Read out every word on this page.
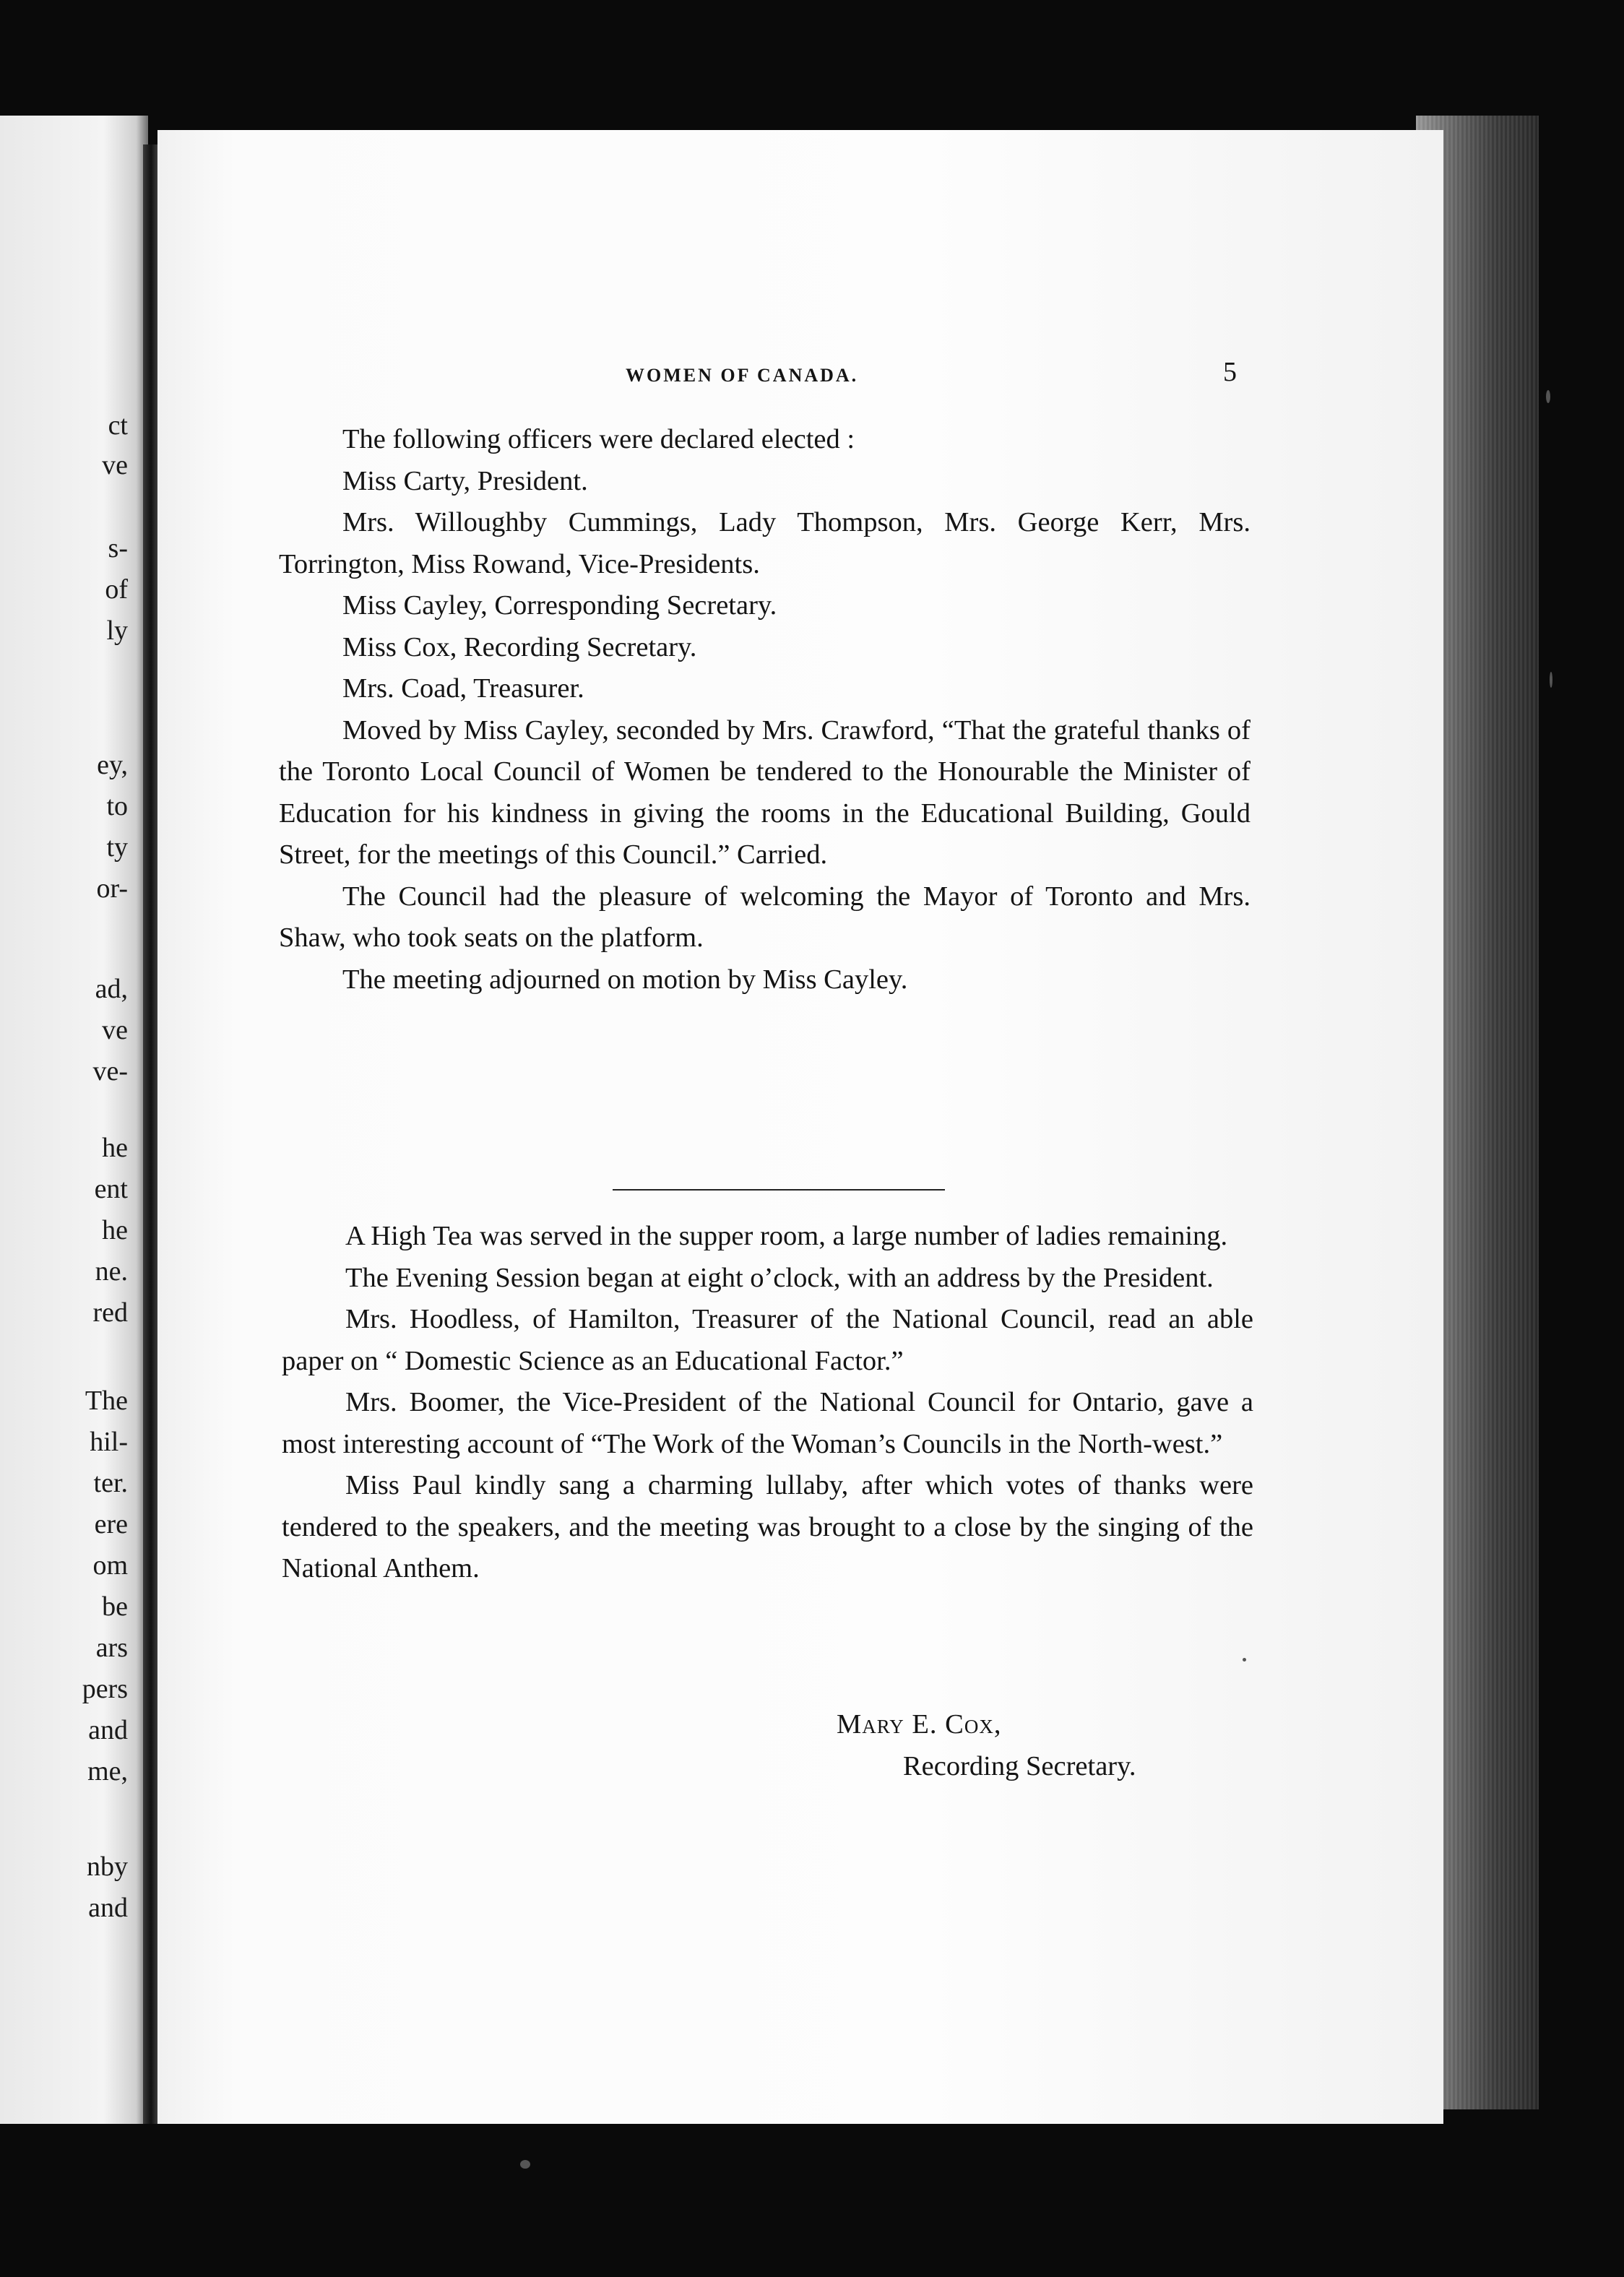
ct
ve
s-
of
ly
ey,
to
ty
or-
ad,
ve
ve-
he
ent
he
ne.
red
The
hil-
ter.
ere
om
be
ars
pers
and
me,
nby
and
WOMEN OF CANADA.	5

The following officers were declared elected :

Miss Carty, President.

Mrs. Willoughby Cummings, Lady Thompson, Mrs. George Kerr, Mrs. Torrington, Miss Rowand, Vice-Presidents.

Miss Cayley, Corresponding Secretary.

Miss Cox, Recording Secretary.

Mrs. Coad, Treasurer.

Moved by Miss Cayley, seconded by Mrs. Crawford, “That the grateful thanks of the Toronto Local Council of Women be tendered to the Honourable the Minister of Education for his kindness in giving the rooms in the Educational Building, Gould Street, for the meetings of this Council.” Carried.

The Council had the pleasure of welcoming the Mayor of Toronto and Mrs. Shaw, who took seats on the platform.

The meeting adjourned on motion by Miss Cayley.

A High Tea was served in the supper room, a large number of ladies remaining.

The Evening Session began at eight o’clock, with an address by the President.

Mrs. Hoodless, of Hamilton, Treasurer of the National Council, read an able paper on “ Domestic Science as an Educational Factor.”

Mrs. Boomer, the Vice-President of the National Council for Ontario, gave a most interesting account of “The Work of the Woman’s Councils in the North-west.”

Miss Paul kindly sang a charming lullaby, after which votes of thanks were tendered to the speakers, and the meeting was brought to a close by the singing of the National Anthem.

Mary E. Cox,
Recording Secretary.
